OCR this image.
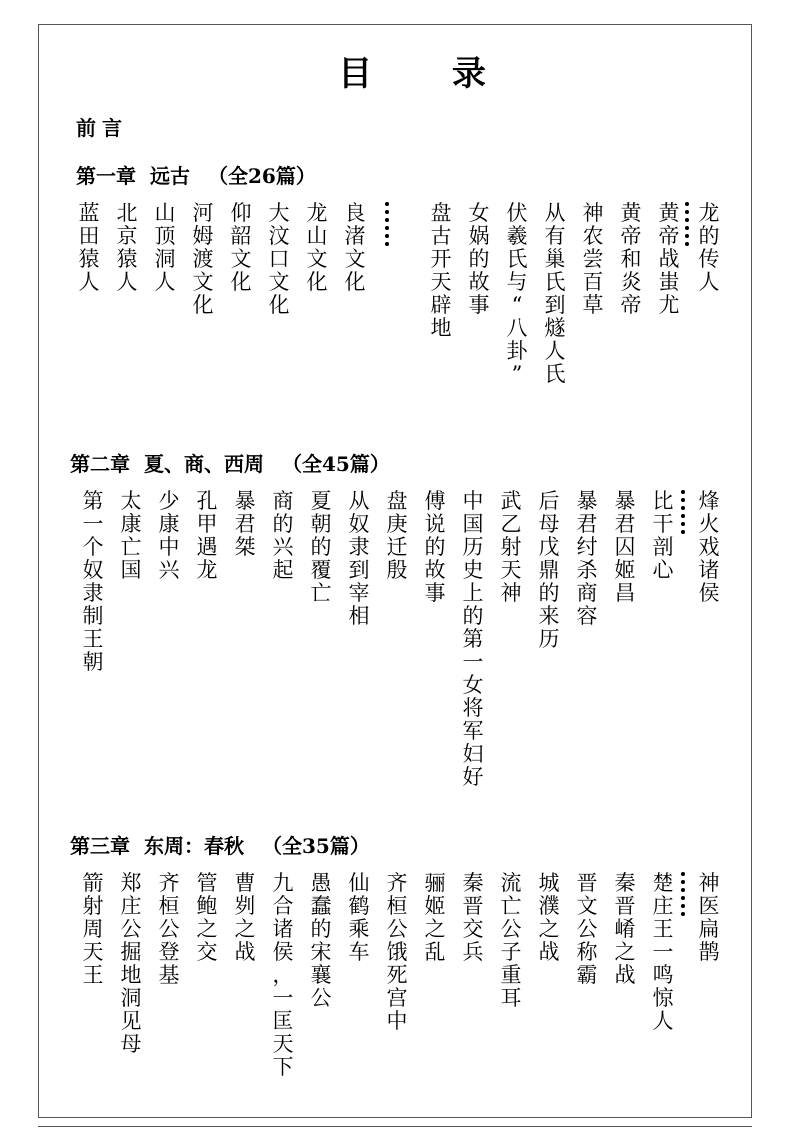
目 录
前言
第一章 远古 （全26篇）
龙
的
传
人
黄
帝
战
蚩
尤
黄
帝
和
炎
帝
神
农
尝
百
草
从
有
巢
氏
到
燧
人
氏
伏
羲
氏
与
“
八
卦
”
女
娲
的
故
事
盘
古
开
天
辟
地
良
渚
文
化
龙
山
文
化
大
汶
口
文
化
仰
韶
文
化
河
姆
渡
文
化
山
顶
洞
人
北
京
猿
人
蓝
田
猿
人
第二章 夏、商、西周 （全45篇）
烽
火
戏
诸
侯
比
干
剖
心
暴
君
囚
姬
昌
暴
君
纣
杀
商
容
后
母
戊
鼎
的
来
历
武
乙
射
天
神
中
国
历
史
上
的
第
一
女
将
军
妇
好
傅
说
的
故
事
盘
庚
迁
殷
从
奴
隶
到
宰
相
夏
朝
的
覆
亡
商
的
兴
起
暴
君
桀
孔
甲
遇
龙
少
康
中
兴
太
康
亡
国
第
一
个
奴
隶
制
王
朝
第三章 东周：春秋 （全35篇）
神
医
扁
鹊
楚
庄
王
一
鸣
惊
人
秦
晋
崤
之
战
晋
文
公
称
霸
城
濮
之
战
流
亡
公
子
重
耳
秦
晋
交
兵
骊
姬
之
乱
齐
桓
公
饿
死
宫
中
仙
鹤
乘
车
愚
蠢
的
宋
襄
公
九
合
诸
侯
，
一
匡
天
下
曹
刿
之
战
管
鲍
之
交
齐
桓
公
登
基
郑
庄
公
掘
地
洞
见
母
箭
射
周
天
王
